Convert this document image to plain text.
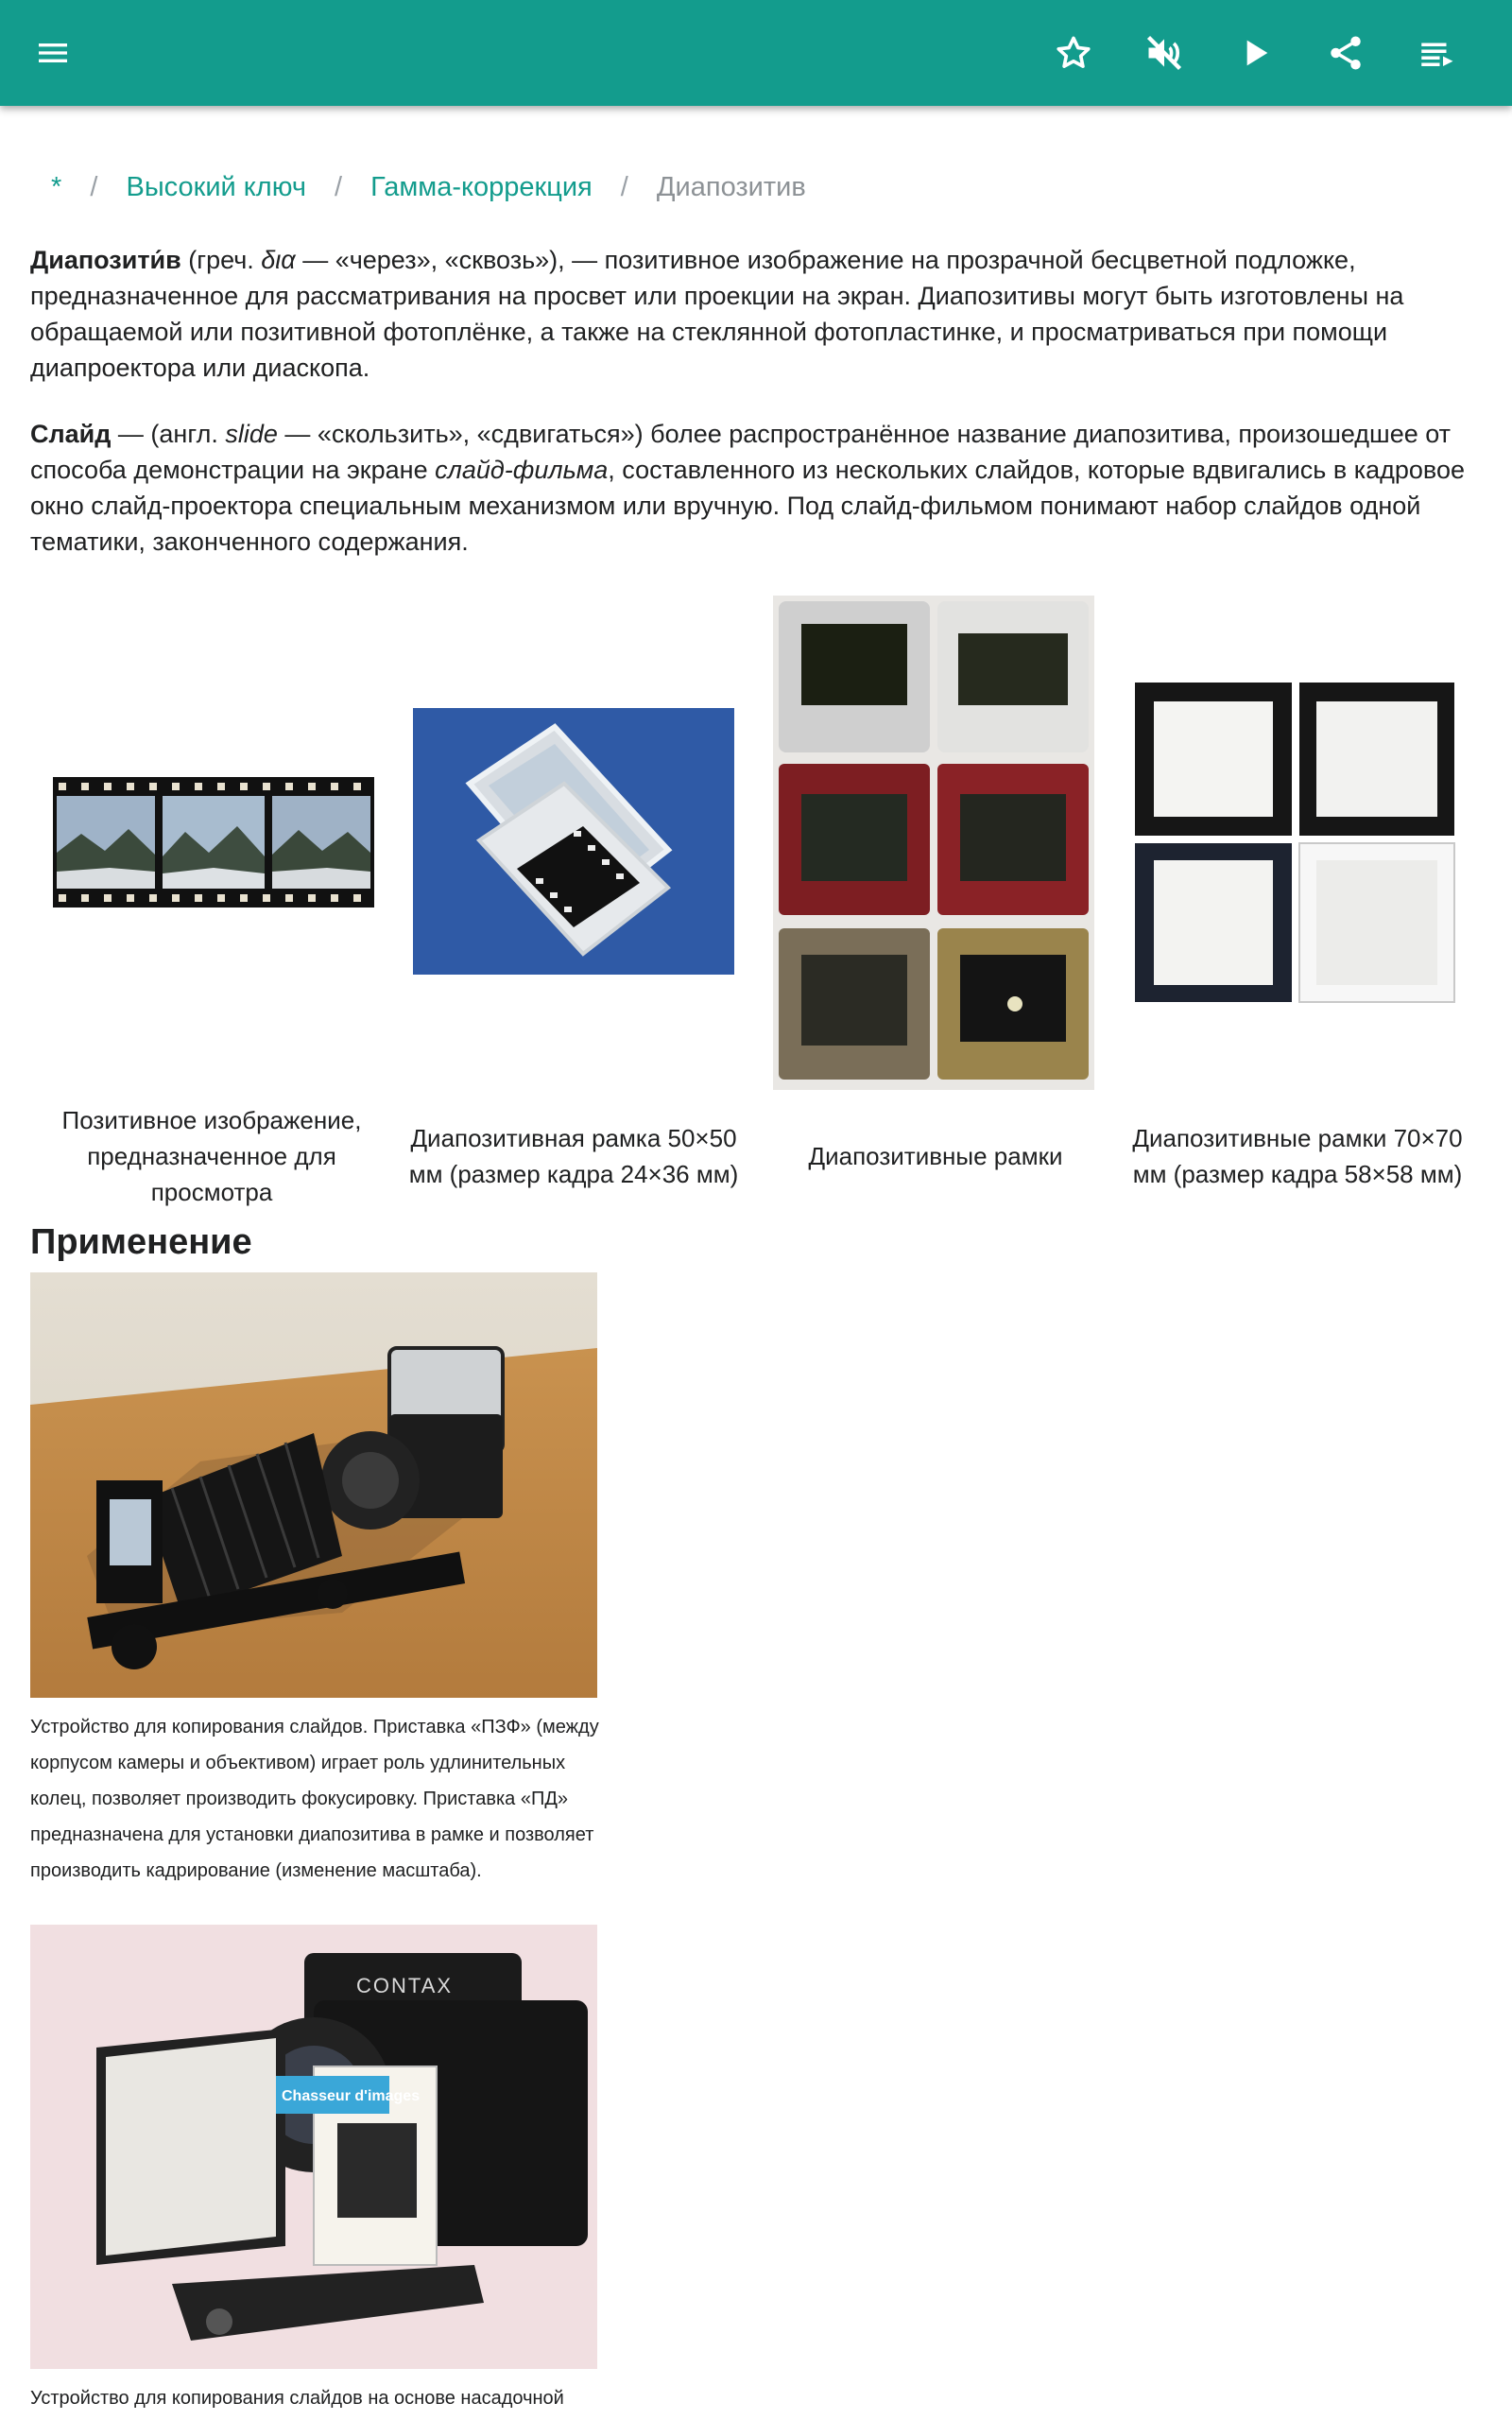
* / Высокий ключ / Гамма-коррекция / Диапозитив

Диапозити́в (греч. δια — «через», «сквозь»), — позитивное изображение на прозрачной бесцветной подложке, предназначенное для рассматривания на просвет или проекции на экран. Диапозитивы могут быть изготовлены на обращаемой или позитивной фотоплёнке, а также на стеклянной фотопластинке, и просматриваться при помощи диапроектора или диаскопа.

Слайд — (англ. slide — «скользить», «сдвигаться») более распространённое название диапозитива, произошедшее от способа демонстрации на экране слайд-фильма, составленного из нескольких слайдов, которые вдвигались в кадровое окно слайд-проектора специальным механизмом или вручную. Под слайд-фильмом понимают набор слайдов одной тематики, законченного содержания.

Позитивное изображение, предназначенное для просмотра
Диапозитивная рамка 50×50 мм (размер кадра 24×36 мм)
Диапозитивные рамки
Диапозитивные рамки 70×70 мм (размер кадра 58×58 мм)
Применение
Устройство для копирования слайдов. Приставка «ПЗФ» (между корпусом камеры и объективом) играет роль удлинительных колец, позволяет производить фокусировку. Приставка «ПД» предназначена для установки диапозитива в рамке и позволяет производить кадрирование (изменение масштаба).
CONTAX
Chasseur d'images
Устройство для копирования слайдов на основе насадочной
